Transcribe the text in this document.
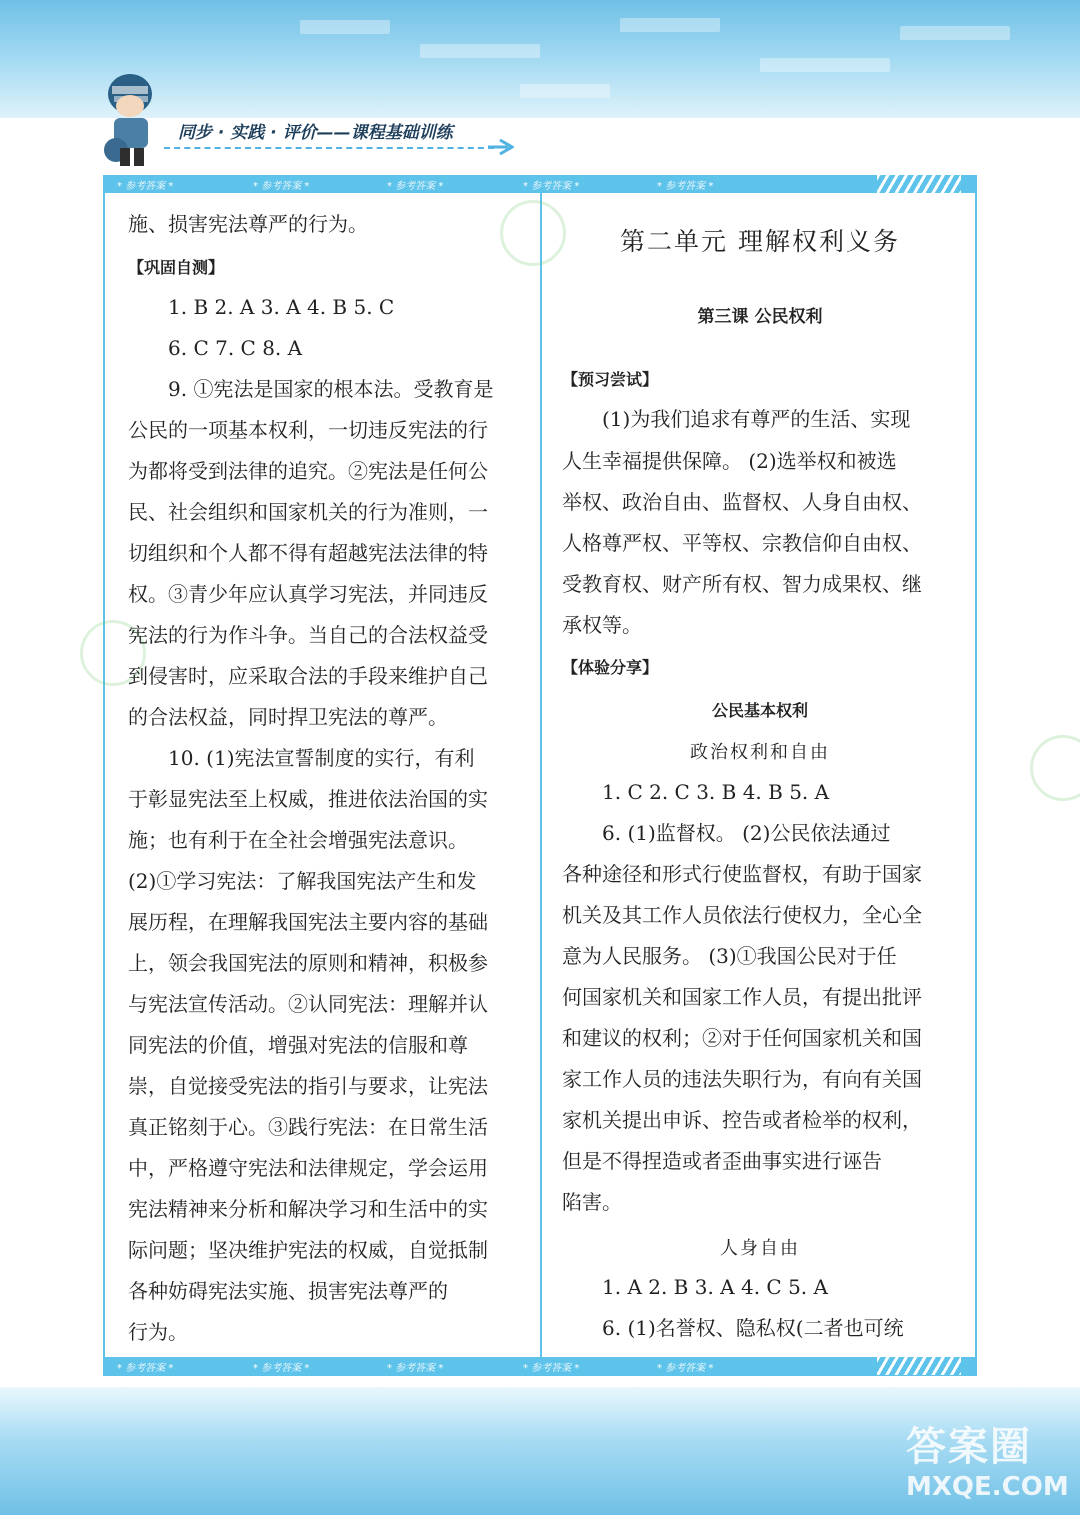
同步 · 实践 · 评价——课程基础训练
* 参考答案 *	* 参考答案 *	* 参考答案 *	* 参考答案 *	* 参考答案 *
* 参考答案 *	* 参考答案 *	* 参考答案 *	* 参考答案 *	* 参考答案 *
施、损害宪法尊严的行为。
【巩固自测】
1. B 2. A 3. A 4. B 5. C
6. C 7. C 8. A
9. ①宪法是国家的根本法。受教育是
公民的一项基本权利，一切违反宪法的行
为都将受到法律的追究。②宪法是任何公
民、社会组织和国家机关的行为准则，一
切组织和个人都不得有超越宪法法律的特
权。③青少年应认真学习宪法，并同违反
宪法的行为作斗争。当自己的合法权益受
到侵害时，应采取合法的手段来维护自己
的合法权益，同时捍卫宪法的尊严。
10. (1)宪法宣誓制度的实行，有利
于彰显宪法至上权威，推进依法治国的实
施；也有利于在全社会增强宪法意识。
(2)①学习宪法：了解我国宪法产生和发
展历程，在理解我国宪法主要内容的基础
上，领会我国宪法的原则和精神，积极参
与宪法宣传活动。②认同宪法：理解并认
同宪法的价值，增强对宪法的信服和尊
崇，自觉接受宪法的指引与要求，让宪法
真正铭刻于心。③践行宪法：在日常生活
中，严格遵守宪法和法律规定，学会运用
宪法精神来分析和解决学习和生活中的实
际问题；坚决维护宪法的权威，自觉抵制
各种妨碍宪法实施、损害宪法尊严的
行为。
第二单元 理解权利义务
第三课 公民权利
【预习尝试】
(1)为我们追求有尊严的生活、实现
人生幸福提供保障。 (2)选举权和被选
举权、政治自由、监督权、人身自由权、
人格尊严权、平等权、宗教信仰自由权、
受教育权、财产所有权、智力成果权、继
承权等。
【体验分享】
公民基本权利
政治权利和自由
1. C 2. C 3. B 4. B 5. A
6. (1)监督权。 (2)公民依法通过
各种途径和形式行使监督权，有助于国家
机关及其工作人员依法行使权力，全心全
意为人民服务。 (3)①我国公民对于任
何国家机关和国家工作人员，有提出批评
和建议的权利；②对于任何国家机关和国
家工作人员的违法失职行为，有向有关国
家机关提出申诉、控告或者检举的权利，
但是不得捏造或者歪曲事实进行诬告
陷害。
人身自由
1. A 2. B 3. A 4. C 5. A
6. (1)名誉权、隐私权(二者也可统
答案圈
MXQE.COM
